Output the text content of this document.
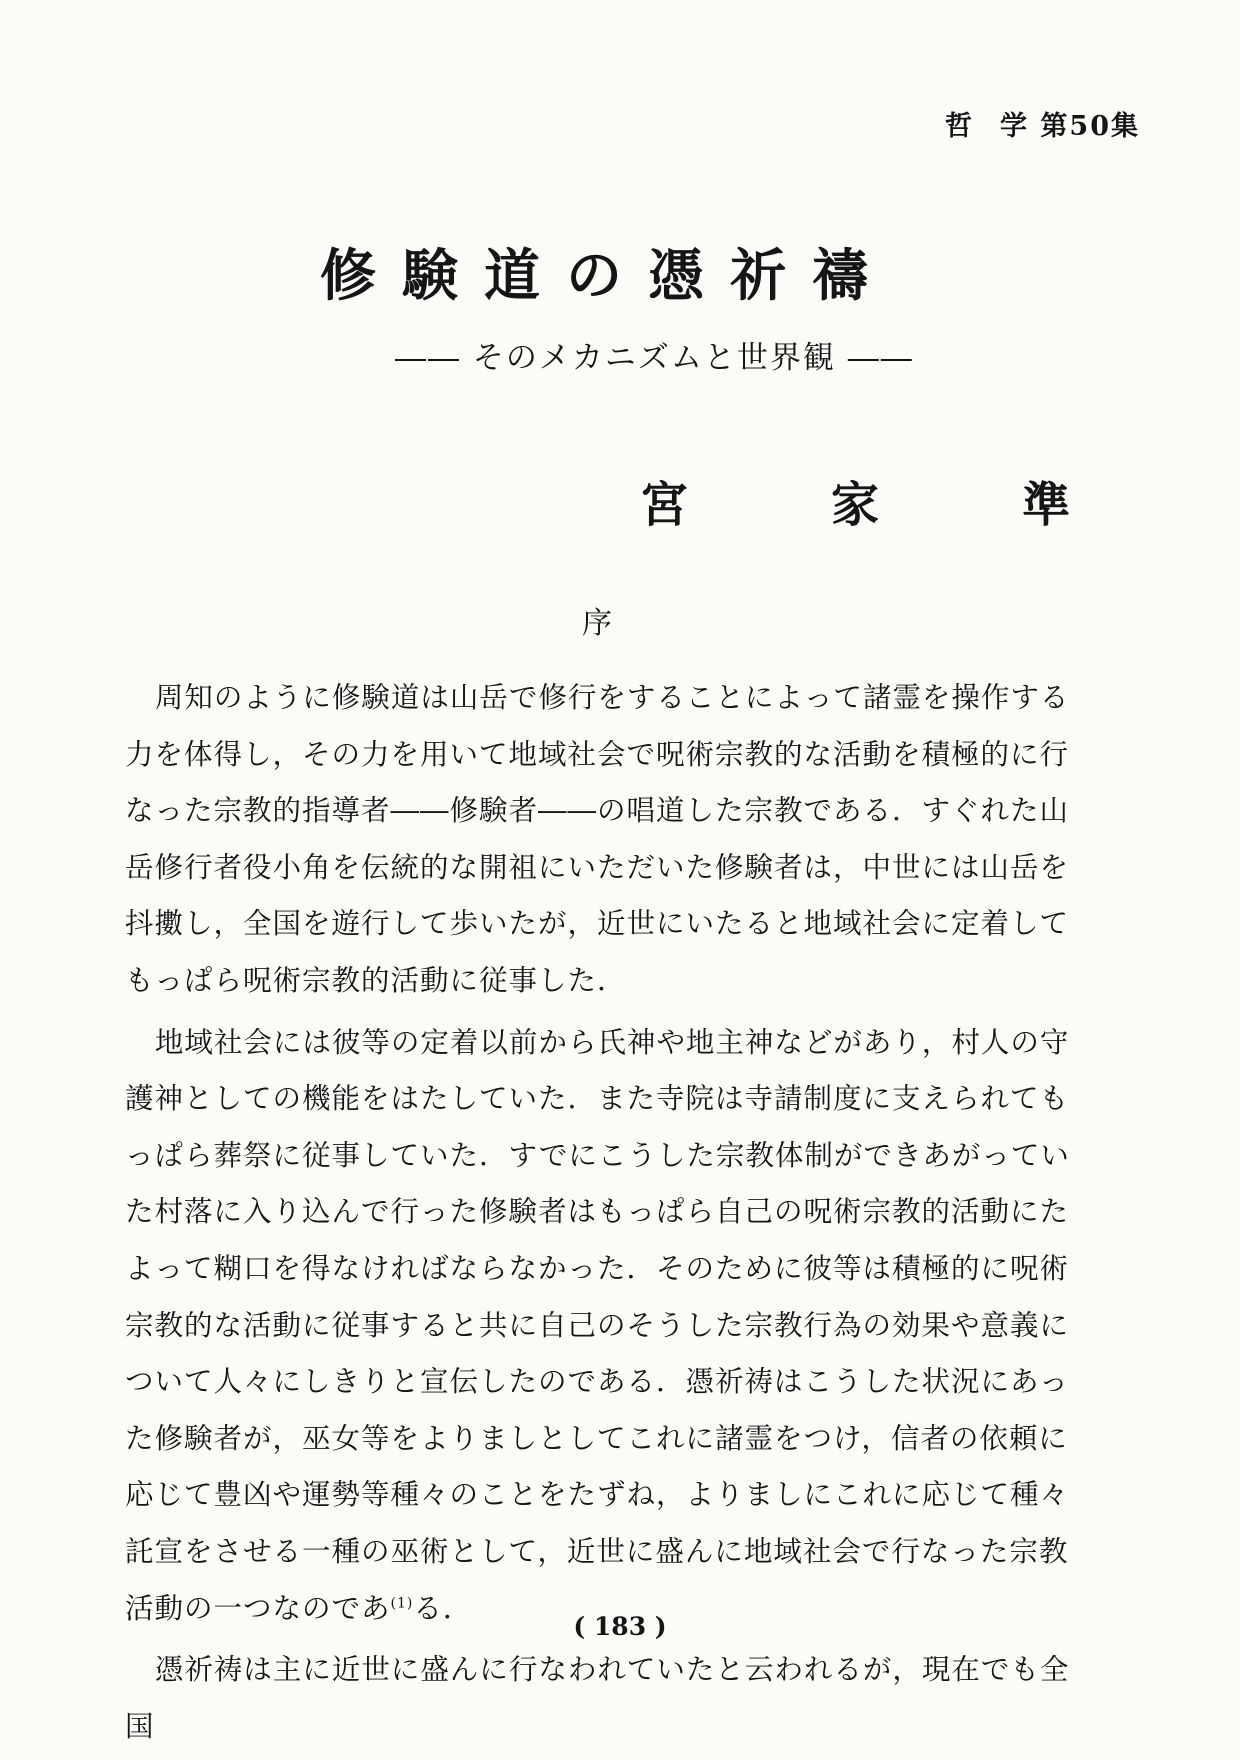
哲 学 第50集
修験道の憑祈禱
―― そのメカニズムと世界観 ――
宮	家	準
序

周知のように修験道は山岳で修行をすることによって諸霊を操作する力を体得し，その力を用いて地域社会で呪術宗教的な活動を積極的に行なった宗教的指導者――修験者――の唱道した宗教である．すぐれた山岳修行者役小角を伝統的な開祖にいただいた修験者は，中世には山岳を抖擻し，全国を遊行して歩いたが，近世にいたると地域社会に定着してもっぱら呪術宗教的活動に従事した．

地域社会には彼等の定着以前から氏神や地主神などがあり，村人の守護神としての機能をはたしていた．また寺院は寺請制度に支えられてもっぱら葬祭に従事していた．すでにこうした宗教体制ができあがっていた村落に入り込んで行った修験者はもっぱら自己の呪術宗教的活動にたよって糊口を得なければならなかった．そのために彼等は積極的に呪術宗教的な活動に従事すると共に自己のそうした宗教行為の効果や意義について人々にしきりと宣伝したのである．憑祈祷はこうした状況にあった修験者が，巫女等をよりましとしてこれに諸霊をつけ，信者の依頼に応じて豊凶や運勢等種々のことをたずね，よりましにこれに応じて種々託宣をさせる一種の巫術として，近世に盛んに地域社会で行なった宗教活動の一つなのであ$^{(1)}$る．

憑祈祷は主に近世に盛んに行なわれていたと云われるが，現在でも全国

( 183 )
